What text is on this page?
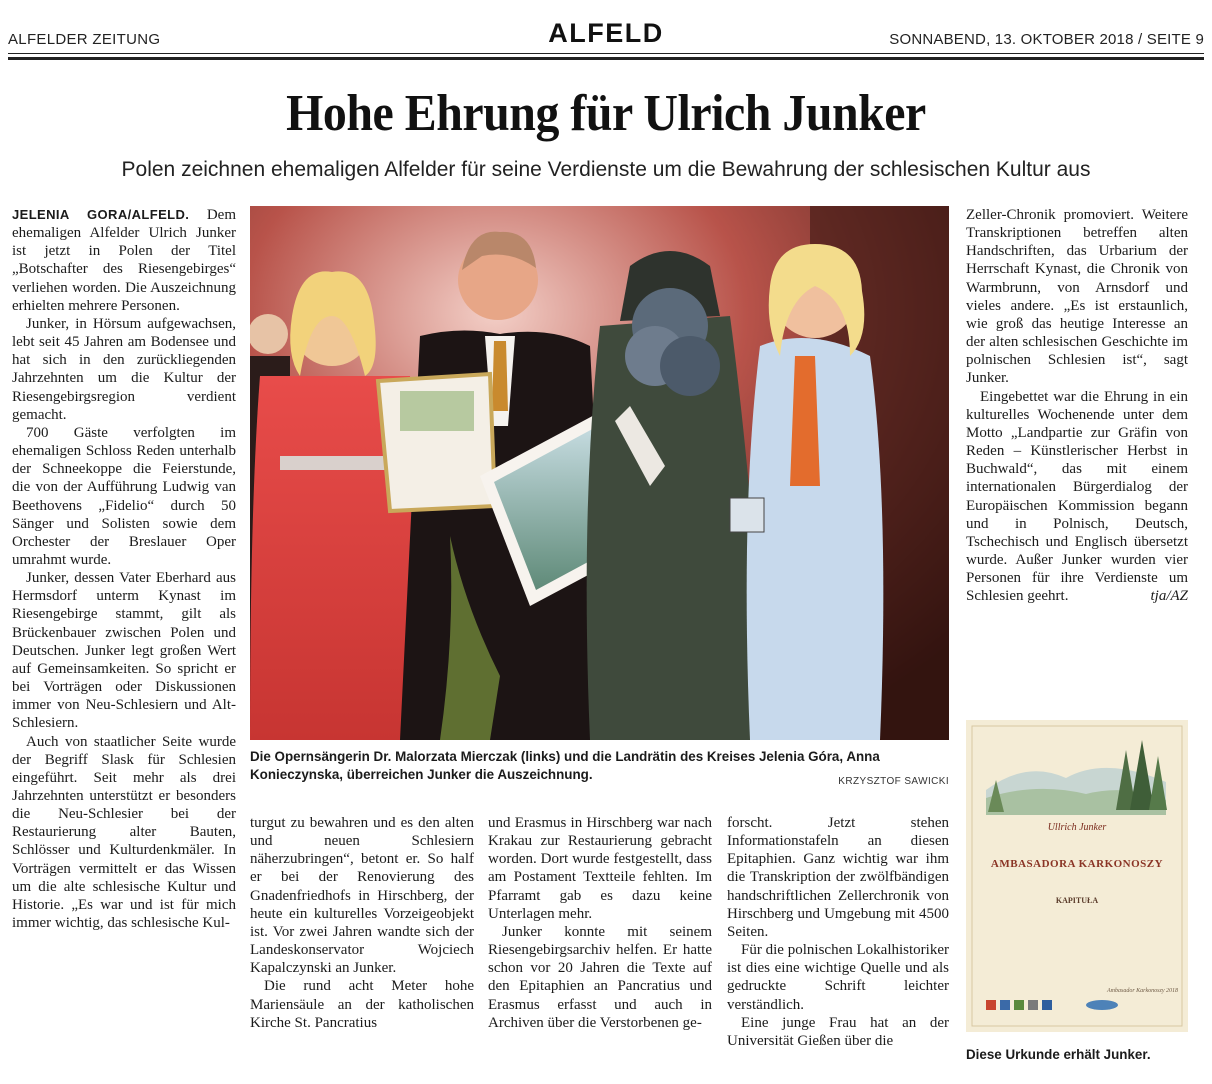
ALFELDER ZEITUNG	ALFELD	SONNABEND, 13. OKTOBER 2018 / SEITE 9
Hohe Ehrung für Ulrich Junker
Polen zeichnen ehemaligen Alfelder für seine Verdienste um die Bewahrung der schlesischen Kultur aus

JELENIA GORA/ALFELD. Dem ehemaligen Alfelder Ulrich Junker ist jetzt in Polen der Titel „Botschafter des Riesengebirges“ verliehen worden. Die Auszeichnung erhielten mehrere Personen.

Junker, in Hörsum aufgewachsen, lebt seit 45 Jahren am Bodensee und hat sich in den zurückliegenden Jahrzehnten um die Kultur der Riesengebirgsregion verdient gemacht.

700 Gäste verfolgten im ehemaligen Schloss Reden unterhalb der Schneekoppe die Feierstunde, die von der Aufführung Ludwig van Beethovens „Fidelio“ durch 50 Sänger und Solisten sowie dem Orchester der Breslauer Oper umrahmt wurde.

Junker, dessen Vater Eberhard aus Hermsdorf unterm Kynast im Riesengebirge stammt, gilt als Brückenbauer zwischen Polen und Deutschen. Junker legt großen Wert auf Gemeinsamkeiten. So spricht er bei Vorträgen oder Diskussionen immer von Neu-Schlesiern und Alt-Schlesiern.

Auch von staatlicher Seite wurde der Begriff Slask für Schlesien eingeführt. Seit mehr als drei Jahrzehnten unterstützt er besonders die Neu-Schlesier bei der Restaurierung alter Bauten, Schlösser und Kulturdenkmäler. In Vorträgen vermittelt er das Wissen um die alte schlesische Kultur und Historie. „Es war und ist für mich immer wichtig, das schlesische Kul-

Die Opernsängerin Dr. Malorzata Mierczak (links) und die Landrätin des Kreises Jelenia Góra, Anna Konieczynska, überreichen Junker die Auszeichnung.	KRZYSZTOF SAWICKI

turgut zu bewahren und es den alten und neuen Schlesiern näherzubringen“, betont er. So half er bei der Renovierung des Gnadenfriedhofs in Hirschberg, der heute ein kulturelles Vorzeigeobjekt ist. Vor zwei Jahren wandte sich der Landeskonservator Wojciech Kapalczynski an Junker.

Die rund acht Meter hohe Mariensäule an der katholischen Kirche St. Pancratius

und Erasmus in Hirschberg war nach Krakau zur Restaurierung gebracht worden. Dort wurde festgestellt, dass am Postament Textteile fehlten. Im Pfarramt gab es dazu keine Unterlagen mehr.

Junker konnte mit seinem Riesengebirgsarchiv helfen. Er hatte schon vor 20 Jahren die Texte auf den Epitaphien an Pancratius und Erasmus erfasst und auch in Archiven über die Verstorbenen ge-

forscht. Jetzt stehen Informationstafeln an diesen Epitaphien. Ganz wichtig war ihm die Transkription der zwölfbändigen handschriftlichen Zellerchronik von Hirschberg und Umgebung mit 4500 Seiten.

Für die polnischen Lokalhistoriker ist dies eine wichtige Quelle und als gedruckte Schrift leichter verständlich.

Eine junge Frau hat an der Universität Gießen über die

Zeller-Chronik promoviert. Weitere Transkriptionen betreffen alten Handschriften, das Urbarium der Herrschaft Kynast, die Chronik von Warmbrunn, von Arnsdorf und vieles andere. „Es ist erstaunlich, wie groß das heutige Interesse an der alten schlesischen Geschichte im polnischen Schlesien ist“, sagt Junker.

Eingebettet war die Ehrung in ein kulturelles Wochenende unter dem Motto „Landpartie zur Gräfin von Reden – Künstlerischer Herbst in Buchwald“, das mit einem internationalen Bürgerdialog der Europäischen Kommission begann und in Polnisch, Deutsch, Tschechisch und Englisch übersetzt wurde. Außer Junker wurden vier Personen für ihre Verdienste um Schlesien geehrt.	tja/AZ

Ullrich Junker
AMBASADORA KARKONOSZY
KAPITUŁA
Ambasador Karkonoszy 2018
Diese Urkunde erhält Junker.
